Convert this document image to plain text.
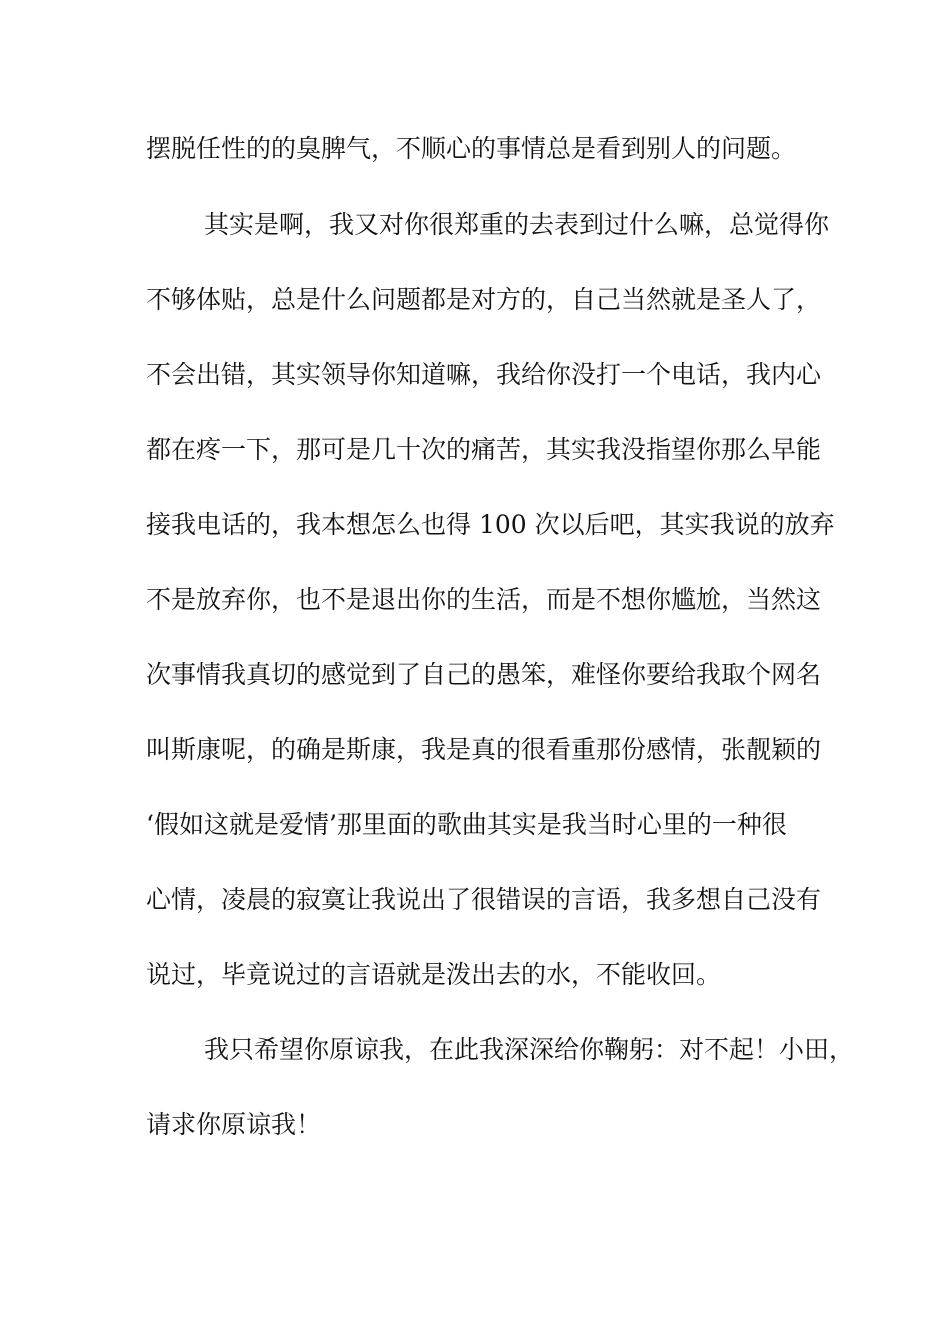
摆脱任性的的臭脾气，不顺心的事情总是看到别人的问题。

其实是啊，我又对你很郑重的去表到过什么嘛，总觉得你

不够体贴，总是什么问题都是对方的，自己当然就是圣人了，

不会出错，其实领导你知道嘛，我给你没打一个电话，我内心

都在疼一下，那可是几十次的痛苦，其实我没指望你那么早能

接我电话的，我本想怎么也得 100 次以后吧，其实我说的放弃

不是放弃你，也不是退出你的生活，而是不想你尴尬，当然这

次事情我真切的感觉到了自己的愚笨，难怪你要给我取个网名

叫斯康呢，的确是斯康，我是真的很看重那份感情，张靓颖的

‘假如这就是爱情’那里面的歌曲其实是我当时心里的一种很

心情，凌晨的寂寞让我说出了很错误的言语，我多想自己没有

说过，毕竟说过的言语就是泼出去的水，不能收回。

我只希望你原谅我，在此我深深给你鞠躬：对不起！小田，

请求你原谅我！
